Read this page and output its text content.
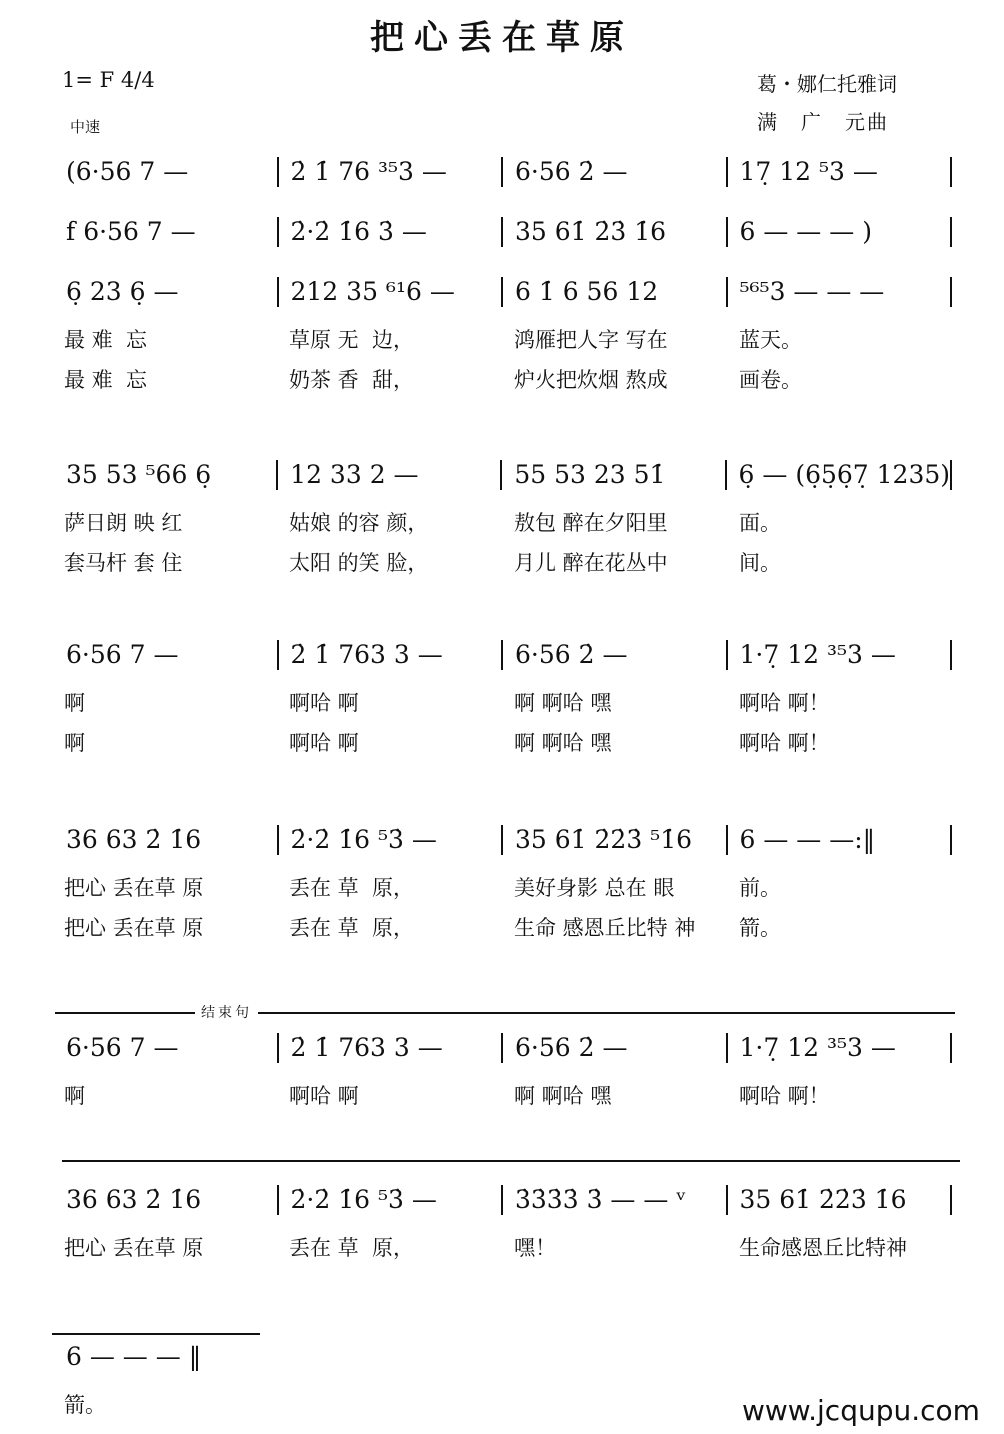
把心丢在草原
1= F 4/4
中速
葛・娜仁托雅词
满　广　元曲
结束句
(6·56 7 —	2̇ 1̇ 76 ³⁵3 —	6·56 2̇ —	17̣ 12 ⁵3 —
f 6·56 7 —	2̇·2̇ 1̇6 3̇ —	35 61̇ 2̇3̇ 1̇6	6 — — — )
6̣ 23 6̣ —	212 35 ⁶¹6 —	6 1̇ 6 56 12	⁵⁶⁵3 — — —
最 难  忘	草原 无  边，	鸿雁把人字 写在	蓝天。
最 难  忘	奶茶 香  甜，	炉火把炊烟 熬成	画卷。
35 53 ⁵66 6̣	12 33 2 —	55 53 23 51̇	6̣ — (6̣5̣6̣7̣ 1235)
萨日朗 映 红	姑娘 的容 颜，	敖包 醉在夕阳里	面。
套马杆 套 住	太阳 的笑 脸，	月儿 醉在花丛中	间。
6·56 7 —	2̇ 1̇ 763 3 —	6·56 2̇ —	1·7̣ 12 ³⁵3 —
啊	啊哈 啊	啊 啊哈 嘿	啊哈 啊！
啊	啊哈 啊	啊 啊哈 嘿	啊哈 啊！
36 63 2̇ 1̇6	2̇·2̇ 1̇6 ⁵3̇ —	35 61̇ 2̇2̇3̇ ⁵1̇6	6 — — —:‖
把心 丢在草 原	丢在 草  原，	美好身影 总在 眼	前。
把心 丢在草 原	丢在 草  原，	生命 感恩丘比特 神	箭。
6·56 7 —	2̇ 1̇ 763 3 —	6·56 2̇ —	1·7̣ 12 ³⁵3 —
啊	啊哈 啊	啊 啊哈 嘿	啊哈 啊！
36 63 2̇ 1̇6	2̇·2̇ 1̇6 ⁵3̇ —	3̇3̇3̇3̇ 3̇ — — ᵛ	35 61̇ 2̇2̇3̇ 1̇6
把心 丢在草 原	丢在 草  原，	嘿！	生命感恩丘比特神
6 — — — ‖
箭。	www.jcqupu.com
